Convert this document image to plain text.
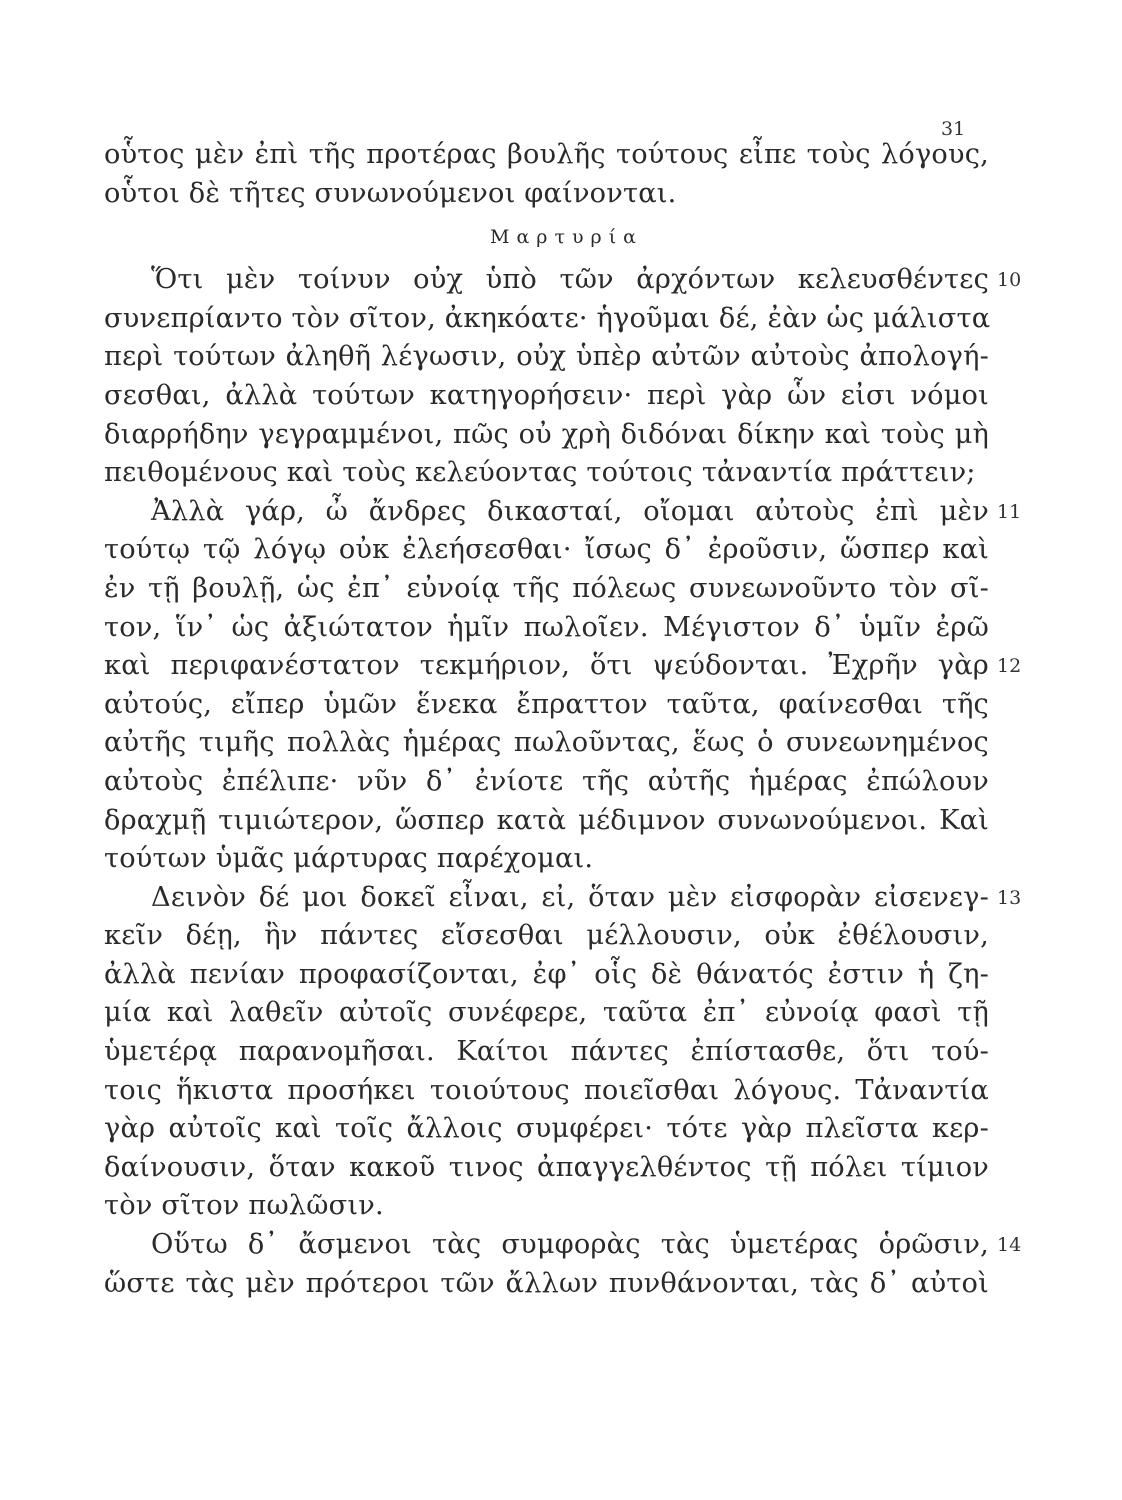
31
οὗτος μὲν ἐπὶ τῆς προτέρας βουλῆς τούτους εἶπε τοὺς λόγους,
οὗτοι δὲ τῆτες συνωνούμενοι φαίνονται.
Μαρτυρία
Ὅτι μὲν τοίνυν οὐχ ὑπὸ τῶν ἀρχόντων κελευσθέντες 10
συνεπρίαντο τὸν σῖτον, ἀκηκόατε· ἡγοῦμαι δέ, ἐὰν ὡς μάλιστα
περὶ τούτων ἀληθῆ λέγωσιν, οὐχ ὑπὲρ αὐτῶν αὐτοὺς ἀπολογή-
σεσθαι, ἀλλὰ τούτων κατηγορήσειν· περὶ γὰρ ὧν εἰσι νόμοι
διαρρήδην γεγραμμένοι, πῶς οὐ χρὴ διδόναι δίκην καὶ τοὺς μὴ
πειθομένους καὶ τοὺς κελεύοντας τούτοις τἀναντία πράττειν;
Ἀλλὰ γάρ, ὦ ἄνδρες δικασταί, οἴομαι αὐτοὺς ἐπὶ μὲν 11
τούτῳ τῷ λόγῳ οὐκ ἐλεήσεσθαι· ἴσως δ᾽ ἐροῦσιν, ὥσπερ καὶ
ἐν τῇ βουλῇ, ὡς ἐπ᾽ εὐνοίᾳ τῆς πόλεως συνεωνοῦντο τὸν σῖ-
τον, ἵν᾽ ὡς ἀξιώτατον ἡμῖν πωλοῖεν. Μέγιστον δ᾽ ὑμῖν ἐρῶ
καὶ περιφανέστατον τεκμήριον, ὅτι ψεύδονται. Ἐχρῆν γὰρ 12
αὐτούς, εἴπερ ὑμῶν ἕνεκα ἔπραττον ταῦτα, φαίνεσθαι τῆς
αὐτῆς τιμῆς πολλὰς ἡμέρας πωλοῦντας, ἕως ὁ συνεωνημένος
αὐτοὺς ἐπέλιπε· νῦν δ᾽ ἐνίοτε τῆς αὐτῆς ἡμέρας ἐπώλουν
δραχμῇ τιμιώτερον, ὥσπερ κατὰ μέδιμνον συνωνούμενοι. Καὶ
τούτων ὑμᾶς μάρτυρας παρέχομαι.
Δεινὸν δέ μοι δοκεῖ εἶναι, εἰ, ὅταν μὲν εἰσφορὰν εἰσενεγ- 13
κεῖν δέῃ, ἣν πάντες εἴσεσθαι μέλλουσιν, οὐκ ἐθέλουσιν,
ἀλλὰ πενίαν προφασίζονται, ἐφ᾽ οἷς δὲ θάνατός ἐστιν ἡ ζη-
μία καὶ λαθεῖν αὐτοῖς συνέφερε, ταῦτα ἐπ᾽ εὐνοίᾳ φασὶ τῇ
ὑμετέρᾳ παρανομῆσαι. Καίτοι πάντες ἐπίστασθε, ὅτι τού-
τοις ἥκιστα προσήκει τοιούτους ποιεῖσθαι λόγους. Τἀναντία
γὰρ αὐτοῖς καὶ τοῖς ἄλλοις συμφέρει· τότε γὰρ πλεῖστα κερ-
δαίνουσιν, ὅταν κακοῦ τινος ἀπαγγελθέντος τῇ πόλει τίμιον
τὸν σῖτον πωλῶσιν.
Οὕτω δ᾽ ἄσμενοι τὰς συμφορὰς τὰς ὑμετέρας ὁρῶσιν, 14
ὥστε τὰς μὲν πρότεροι τῶν ἄλλων πυνθάνονται, τὰς δ᾽ αὐτοὶ
